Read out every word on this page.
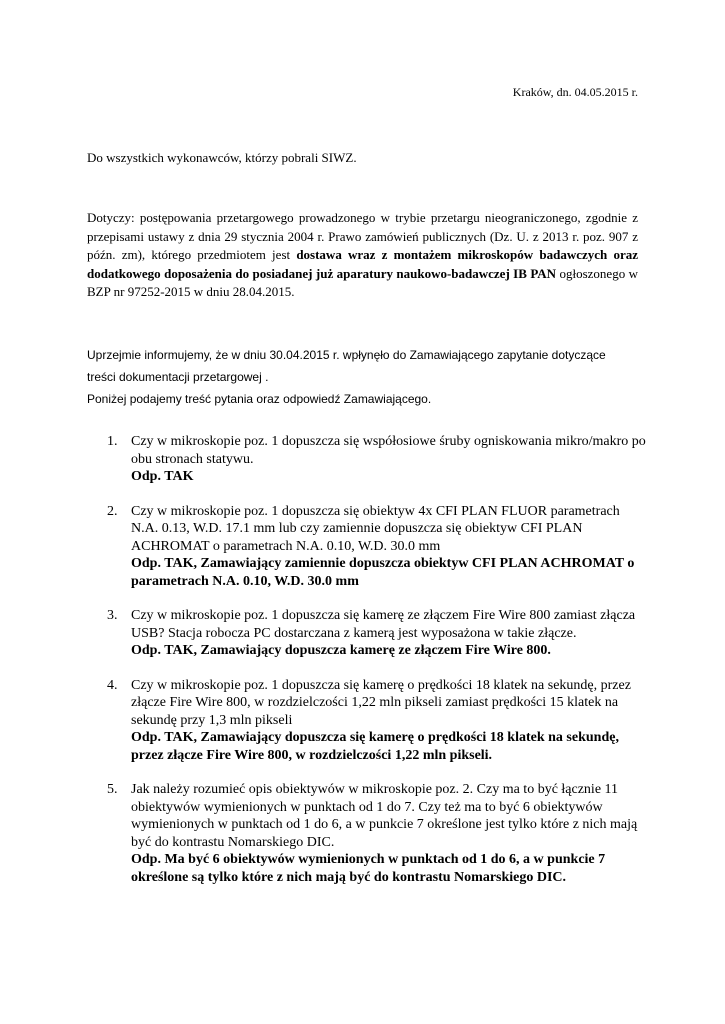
Kraków, dn. 04.05.2015 r.
Do wszystkich wykonawców, którzy pobrali SIWZ.
Dotyczy: postępowania przetargowego prowadzonego w trybie przetargu nieograniczonego, zgodnie z przepisami ustawy z dnia 29 stycznia 2004 r. Prawo zamówień publicznych (Dz. U. z 2013 r. poz. 907 z późn. zm), którego przedmiotem jest dostawa wraz z montażem mikroskopów badawczych oraz dodatkowego doposażenia do posiadanej już aparatury naukowo-badawczej IB PAN ogłoszonego w BZP nr 97252-2015 w dniu 28.04.2015.
Uprzejmie informujemy, że w dniu 30.04.2015 r. wpłynęło do Zamawiającego zapytanie dotyczące
treści dokumentacji przetargowej .
Poniżej podajemy treść pytania oraz odpowiedź Zamawiającego.
1. Czy w mikroskopie poz. 1 dopuszcza się współosiowe śruby ogniskowania mikro/makro po obu stronach statywu.
Odp. TAK
2. Czy w mikroskopie poz. 1 dopuszcza się obiektyw 4x CFI PLAN FLUOR parametrach N.A. 0.13, W.D. 17.1 mm lub czy zamiennie dopuszcza się obiektyw CFI PLAN ACHROMAT o parametrach N.A. 0.10, W.D. 30.0 mm
Odp. TAK, Zamawiający zamiennie dopuszcza obiektyw CFI PLAN ACHROMAT o parametrach N.A. 0.10, W.D. 30.0 mm
3. Czy w mikroskopie poz. 1 dopuszcza się kamerę ze złączem Fire Wire 800 zamiast złącza USB? Stacja robocza PC dostarczana z kamerą jest wyposażona w takie złącze.
Odp. TAK, Zamawiający dopuszcza kamerę ze złączem Fire Wire 800.
4. Czy w mikroskopie poz. 1 dopuszcza się kamerę o prędkości 18 klatek na sekundę, przez złącze Fire Wire 800, w rozdzielczości 1,22 mln pikseli zamiast prędkości 15 klatek na sekundę przy 1,3 mln pikseli
Odp. TAK, Zamawiający dopuszcza się kamerę o prędkości 18 klatek na sekundę, przez złącze Fire Wire 800, w rozdzielczości 1,22 mln pikseli.
5. Jak należy rozumieć opis obiektywów w mikroskopie poz. 2. Czy ma to być łącznie 11 obiektywów wymienionych w punktach od 1 do 7. Czy też ma to być 6 obiektywów wymienionych w punktach od 1 do 6, a w punkcie 7 określone jest tylko które z nich mają być do kontrastu Nomarskiego DIC.
Odp. Ma być 6 obiektywów wymienionych w punktach od 1 do 6, a w punkcie 7 określone są tylko które z nich mają być do kontrastu Nomarskiego DIC.
